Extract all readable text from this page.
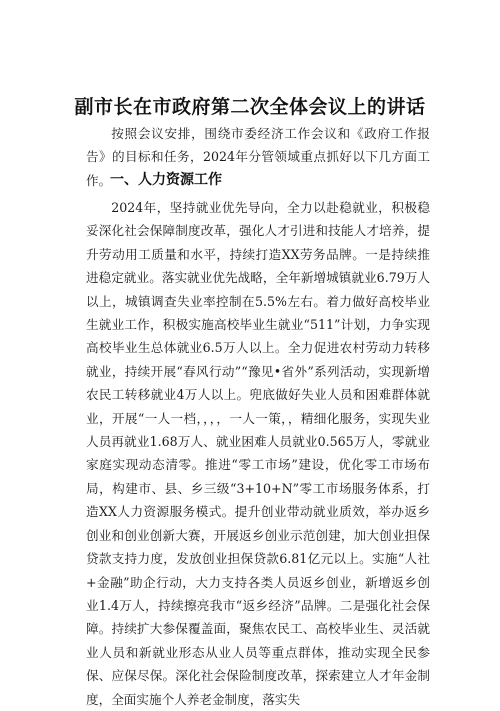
副市长在市政府第二次全体会议上的讲话
按照会议安排，围绕市委经济工作会议和《政府工作报告》的目标和任务，2024年分管领域重点抓好以下几方面工作。
一、人力资源工作
2024年，坚持就业优先导向，全力以赴稳就业，积极稳妥深化社会保障制度改革，强化人才引进和技能人才培养，提升劳动用工质量和水平，持续打造XX劳务品牌。一是持续推进稳定就业。落实就业优先战略，全年新增城镇就业6.79万人以上，城镇调查失业率控制在5.5%左右。着力做好高校毕业生就业工作，积极实施高校毕业生就业“511”计划，力争实现高校毕业生总体就业6.5万人以上。全力促进农村劳动力转移就业，持续开展“春风行动”“豫见•省外”系列活动，实现新增农民工转移就业4万人以上。兜底做好失业人员和困难群体就业，开展“一人一档，，，，一人一策，，精细化服务，实现失业人员再就业1.68万人、就业困难人员就业0.565万人，零就业家庭实现动态清零。推进“零工市场”建设，优化零工市场布局，构建市、县、乡三级“3+10+N”零工市场服务体系，打造XX人力资源服务模式。提升创业带动就业质效，举办返乡创业和创业创新大赛，开展返乡创业示范创建，加大创业担保贷款支持力度，发放创业担保贷款6.81亿元以上。实施“人社+金融”助企行动，大力支持各类人员返乡创业，新增返乡创业1.4万人，持续擦亮我市“返乡经济”品牌。二是强化社会保障。持续扩大参保覆盖面，聚焦农民工、高校毕业生、灵活就业人员和新就业形态从业人员等重点群体，推动实现全民参保、应保尽保。深化社会保险制度改革，探索建立人才年金制度，全面实施个人养老金制度，落实失
